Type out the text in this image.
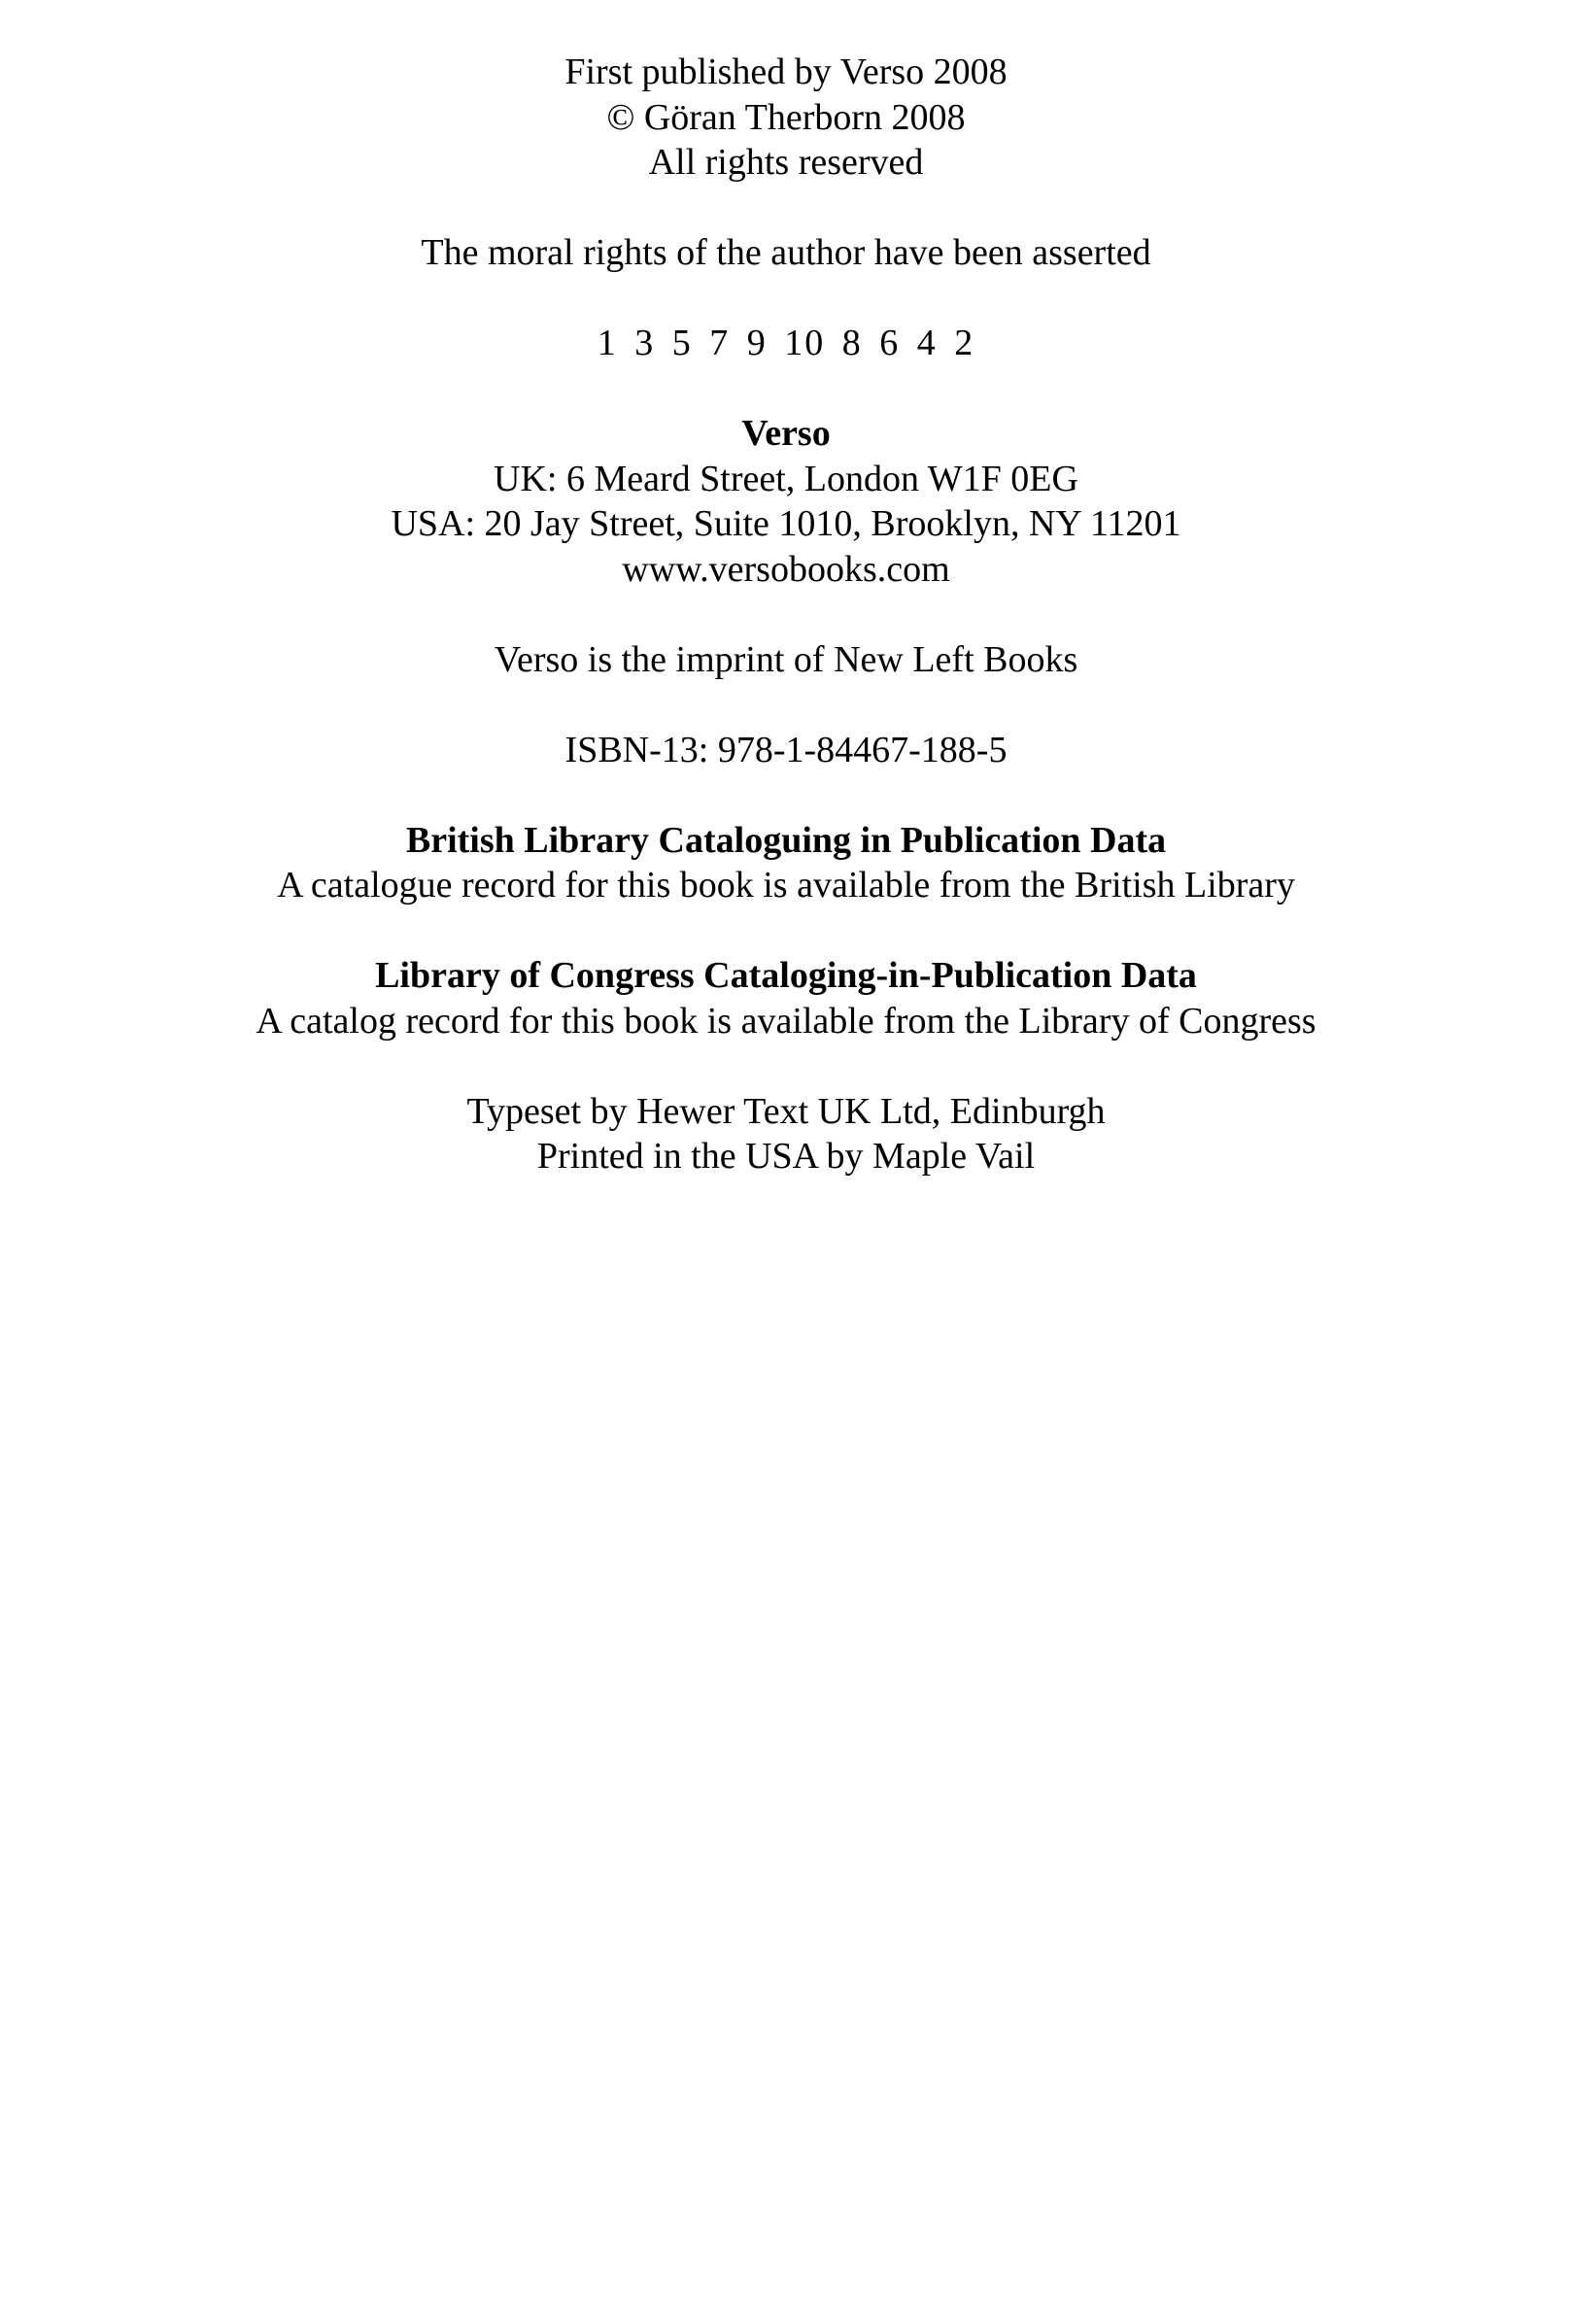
First published by Verso 2008
© Göran Therborn 2008
All rights reserved
The moral rights of the author have been asserted
1 3 5 7 9 10 8 6 4 2
Verso
UK: 6 Meard Street, London W1F 0EG
USA: 20 Jay Street, Suite 1010, Brooklyn, NY 11201
www.versobooks.com
Verso is the imprint of New Left Books
ISBN-13: 978-1-84467-188-5
British Library Cataloguing in Publication Data
A catalogue record for this book is available from the British Library
Library of Congress Cataloging-in-Publication Data
A catalog record for this book is available from the Library of Congress
Typeset by Hewer Text UK Ltd, Edinburgh
Printed in the USA by Maple Vail
